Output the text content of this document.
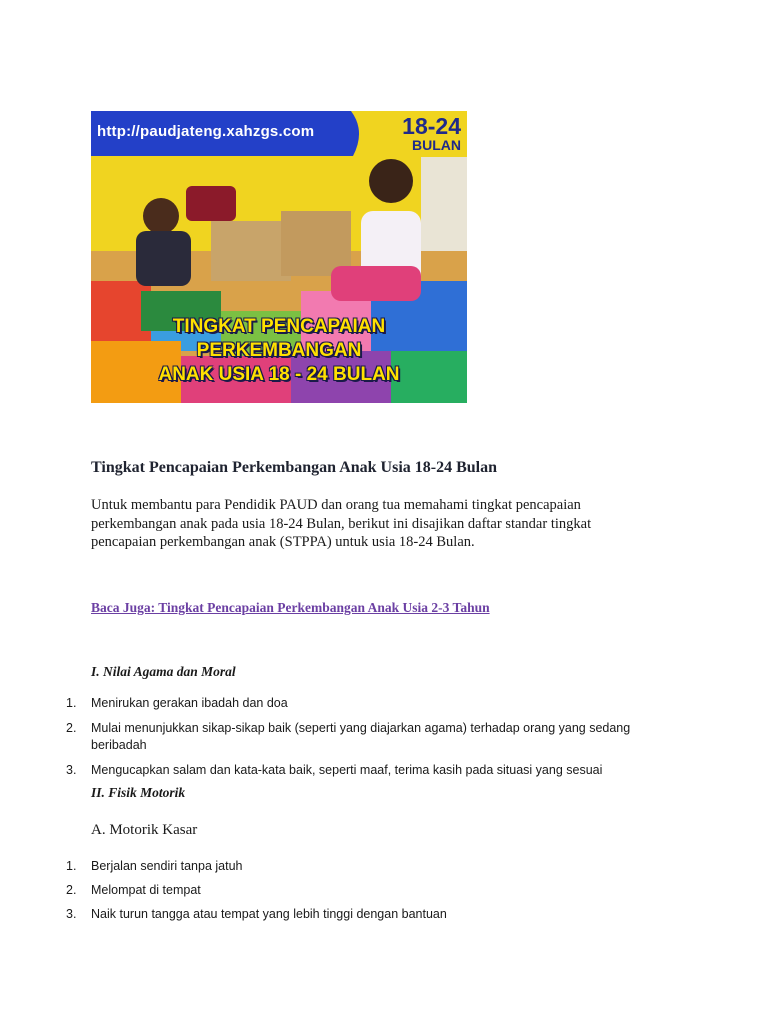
http://paudjateng.xahzgs.com	18-24
BULAN
TINGKAT PENCAPAIAN
PERKEMBANGAN
ANAK USIA 18 - 24 BULAN
Tingkat Pencapaian Perkembangan Anak Usia 18-24 Bulan
Untuk membantu para Pendidik PAUD dan orang tua memahami tingkat pencapaian perkembangan anak pada usia 18-24 Bulan, berikut ini disajikan daftar standar tingkat pencapaian perkembangan anak (STPPA) untuk usia 18-24 Bulan.
Baca Juga: Tingkat Pencapaian Perkembangan Anak Usia 2-3 Tahun
I. Nilai Agama dan Moral
1. Menirukan gerakan ibadah dan doa
2. Mulai menunjukkan sikap-sikap baik (seperti yang diajarkan agama) terhadap orang yang sedang beribadah
3. Mengucapkan salam dan kata-kata baik, seperti maaf, terima kasih pada situasi yang sesuai
II. Fisik Motorik
A. Motorik Kasar
1. Berjalan sendiri tanpa jatuh
2. Melompat di tempat
3. Naik turun tangga atau tempat yang lebih tinggi dengan bantuan
